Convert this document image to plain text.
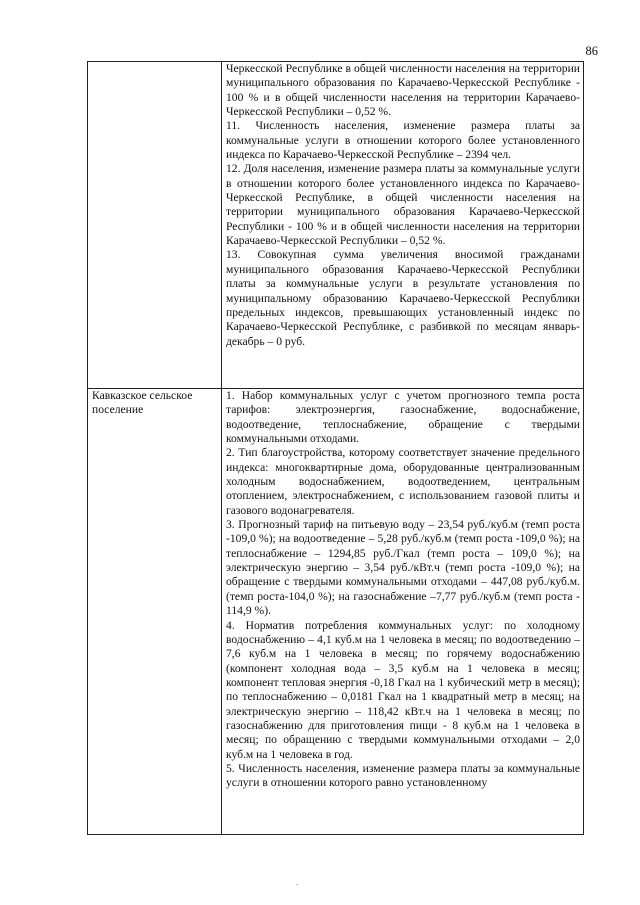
86

	Черкесской Республике в общей численности населения на территории муниципального образования по Карачаево-Черкесской Республике - 100 % и в общей численности населения на территории Карачаево-Черкесской Республики – 0,52 %.

11. Численность населения, изменение размера платы за коммунальные услуги в отношении которого более установленного индекса по Карачаево-Черкесской Республике – 2394 чел.

12. Доля населения, изменение размера платы за коммунальные услуги в отношении которого более установленного индекса по Карачаево-Черкесской Республике, в общей численности населения на территории муниципального образования Карачаево-Черкесской Республики - 100 % и в общей численности населения на территории Карачаево-Черкесской Республики – 0,52 %.

13. Совокупная сумма увеличения вносимой гражданами муниципального образования Карачаево-Черкесской Республики платы за коммунальные услуги в результате установления по муниципальному образованию Карачаево-Черкесской Республики предельных индексов, превышающих установленный индекс по Карачаево-Черкесской Республике, с разбивкой по месяцам январь-декабрь – 0 руб.

Кавказское сельское поселение	1. Набор коммунальных услуг с учетом прогнозного темпа роста тарифов: электроэнергия, газоснабжение, водоснабжение, водоотведение, теплоснабжение, обращение с твердыми коммунальными отходами.

2. Тип благоустройства, которому соответствует значение предельного индекса: многоквартирные дома, оборудованные централизованным холодным водоснабжением, водоотведением, центральным отоплением, электроснабжением, с использованием газовой плиты и газового водонагревателя.

3. Прогнозный тариф на питьевую воду – 23,54 руб./куб.м (темп роста -109,0 %); на водоотведение – 5,28 руб./куб.м (темп роста -109,0 %); на теплоснабжение – 1294,85 руб./Гкал (темп роста – 109,0 %); на электрическую энергию – 3,54 руб./кВт.ч (темп роста -109,0 %); на обращение с твердыми коммунальными отходами – 447,08 руб./куб.м. (темп роста-104,0 %); на газоснабжение –7,77 руб./куб.м (темп роста - 114,9 %).

4. Норматив потребления коммунальных услуг: по холодному водоснабжению – 4,1 куб.м на 1 человека в месяц; по водоотведению – 7,6 куб.м на 1 человека в месяц; по горячему водоснабжению (компонент холодная вода – 3,5 куб.м на 1 человека в месяц; компонент тепловая энергия -0,18 Гкал на 1 кубический метр в месяц); по теплоснабжению – 0,0181 Гкал на 1 квадратный метр в месяц; на электрическую энергию – 118,42 кВт.ч на 1 человека в месяц; по газоснабжению для приготовления пищи - 8 куб.м на 1 человека в месяц; по обращению с твердыми коммунальными отходами – 2,0 куб.м на 1 человека в год.

5. Численность населения, изменение размера платы за коммунальные услуги в отношении которого равно установленному
